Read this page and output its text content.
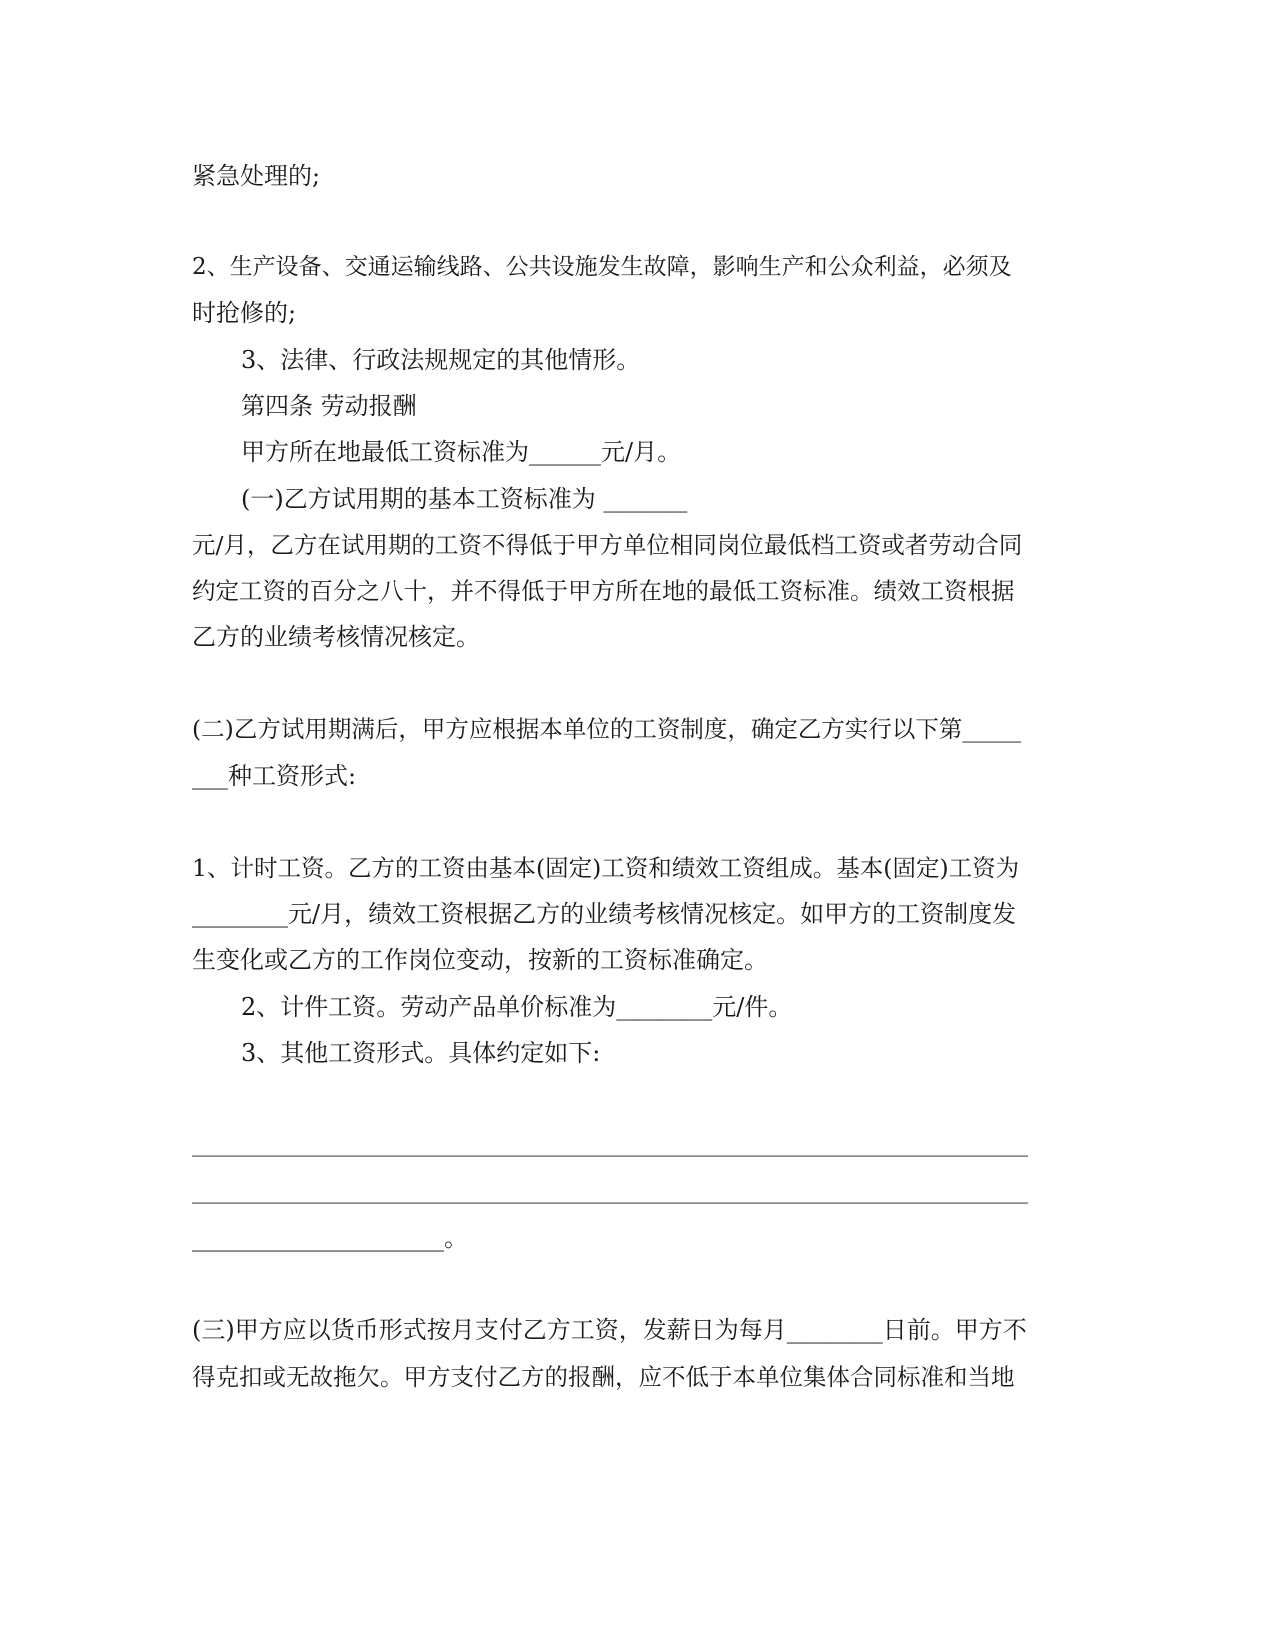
紧急处理的;
2、生产设备、交通运输线路、公共设施发生故障，影响生产和公众利益，必须及
时抢修的;
3、法律、行政法规规定的其他情形。
第四条 劳动报酬
甲方所在地最低工资标准为______元/月。
(一)乙方试用期的基本工资标准为 _______
元/月，乙方在试用期的工资不得低于甲方单位相同岗位最低档工资或者劳动合同
约定工资的百分之八十，并不得低于甲方所在地的最低工资标准。绩效工资根据
乙方的业绩考核情况核定。
(二)乙方试用期满后，甲方应根据本单位的工资制度，确定乙方实行以下第_____
___种工资形式:
1、计时工资。乙方的工资由基本(固定)工资和绩效工资组成。基本(固定)工资为
________元/月，绩效工资根据乙方的业绩考核情况核定。如甲方的工资制度发
生变化或乙方的工作岗位变动，按新的工资标准确定。
2、计件工资。劳动产品单价标准为________元/件。
3、其他工资形式。具体约定如下:
____________________________________________________________________________
____________________________________________________________________________
_____________________。
(三)甲方应以货币形式按月支付乙方工资，发薪日为每月________日前。甲方不
得克扣或无故拖欠。甲方支付乙方的报酬，应不低于本单位集体合同标准和当地
